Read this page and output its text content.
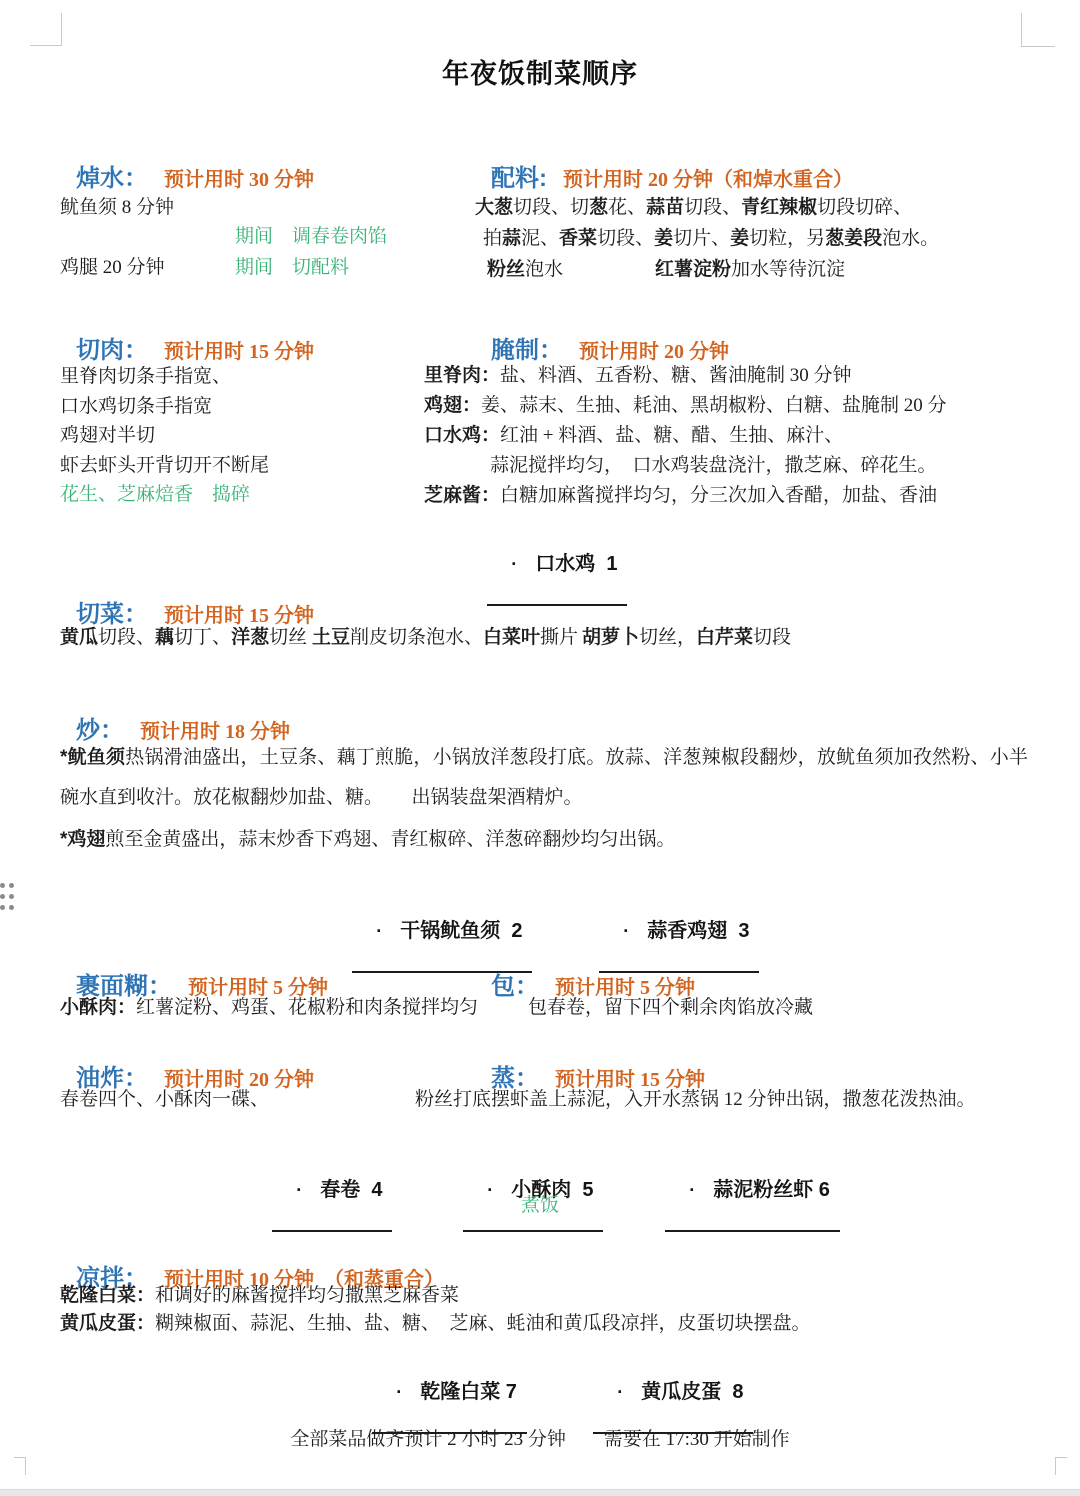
年夜饭制菜顺序

焯水： 预计用时 30 分钟
	配料: 预计用时 20 分钟（和焯水重合）

鱿鱼须 8 分钟
期间　调春卷肉馅
鸡腿 20 分钟	期间　切配料
大葱切段、切葱花、蒜苗切段、青红辣椒切段切碎、
拍蒜泥、香菜切段、姜切片、姜切粒，另葱姜段泡水。
粉丝泡水	红薯淀粉加水等待沉淀

切肉： 预计用时 15 分钟
	腌制： 预计用时 20 分钟

里脊肉切条手指宽、
口水鸡切条手指宽
鸡翅对半切
虾去虾头开背切开不断尾
花生、芝麻焙香　捣碎
里脊肉：盐、料酒、五香粉、糖、酱油腌制 30 分钟
鸡翅：姜、蒜末、生抽、耗油、黑胡椒粉、白糖、盐腌制 20 分
口水鸡：红油 + 料酒、盐、糖、醋、生抽、麻汁、
蒜泥搅拌均匀，　口水鸡装盘浇汁，撒芝麻、碎花生。
芝麻酱：白糖加麻酱搅拌均匀，分三次加入香醋，加盐、香油

· 口水鸡  1

切菜： 预计用时 15 分钟

黄瓜切段、藕切丁、洋葱切丝 土豆削皮切条泡水、白菜叶撕片 胡萝卜切丝，白芹菜切段

炒： 预计用时 18 分钟

*鱿鱼须热锅滑油盛出，土豆条、藕丁煎脆，小锅放洋葱段打底。放蒜、洋葱辣椒段翻炒，放鱿鱼须加孜然粉、小半碗水直到收汁。放花椒翻炒加盐、糖。　　出锅装盘架酒精炉。
*鸡翅煎至金黄盛出，蒜末炒香下鸡翅、青红椒碎、洋葱碎翻炒均匀出锅。

· 干锅鱿鱼须  2
	· 蒜香鸡翅  3

裹面糊： 预计用时 5 分钟
	包： 预计用时 5 分钟

小酥肉：红薯淀粉、鸡蛋、花椒粉和肉条搅拌均匀	包春卷，留下四个剩余肉馅放冷藏

油炸： 预计用时 20 分钟
	蒸： 预计用时 15 分钟

春卷四个、小酥肉一碟、	粉丝打底摆虾盖上蒜泥，入开水蒸锅 12 分钟出锅，撒葱花泼热油。

· 春卷  4
	· 小酥肉  5
	· 蒜泥粉丝虾 6

煮饭

凉拌： 预计用时 10 分钟　（和蒸重合）

乾隆白菜：和调好的麻酱搅拌均匀撒黑芝麻香菜
黄瓜皮蛋：糊辣椒面、蒜泥、生抽、盐、糖、　芝麻、蚝油和黄瓜段凉拌，皮蛋切块摆盘。

· 乾隆白菜 7
	· 黄瓜皮蛋  8

全部菜品做齐预计 2 小时 23 分钟　　需要在 17:30 开始制作
